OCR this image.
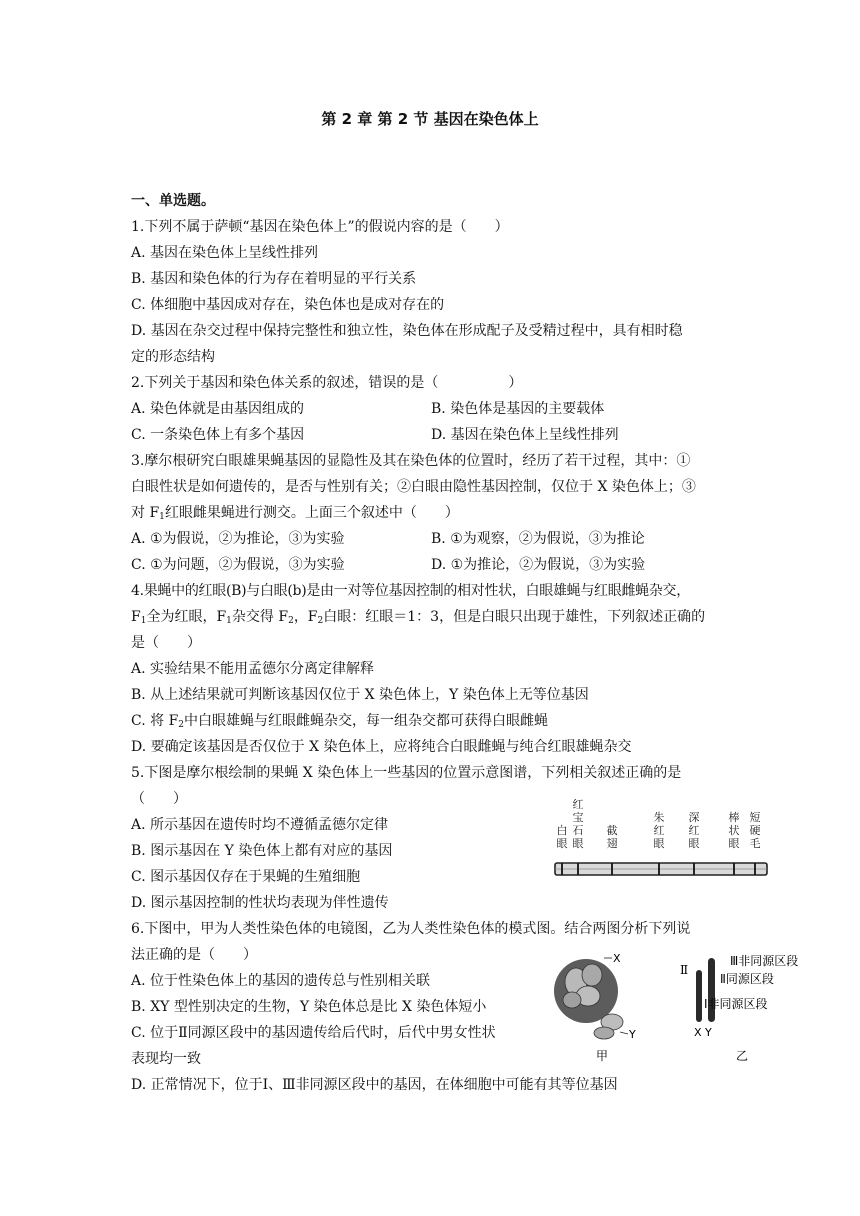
第 2 章 第 2 节 基因在染色体上
一、单选题。
1.下列不属于萨顿“基因在染色体上”的假说内容的是（　　）
A. 基因在染色体上呈线性排列
B. 基因和染色体的行为存在着明显的平行关系
C. 体细胞中基因成对存在，染色体也是成对存在的
D. 基因在杂交过程中保持完整性和独立性，染色体在形成配子及受精过程中，具有相时稳
定的形态结构
2.下列关于基因和染色体关系的叙述，错误的是（　　　　　）
A. 染色体就是由基因组成的	B. 染色体是基因的主要载体
C. 一条染色体上有多个基因	D. 基因在染色体上呈线性排列
3.摩尔根研究白眼雄果蝇基因的显隐性及其在染色体的位置时，经历了若干过程，其中：①
白眼性状是如何遗传的，是否与性别有关；②白眼由隐性基因控制，仅位于 X 染色体上；③
对 $F_1$红眼雌果蝇进行测交。上面三个叙述中（　　）
A. ①为假说，②为推论，③为实验	B. ①为观察，②为假说，③为推论
C. ①为问题，②为假说，③为实验	D. ①为推论，②为假说，③为实验
4.果蝇中的红眼(B)与白眼(b)是由一对等位基因控制的相对性状，白眼雄蝇与红眼雌蝇杂交，
$F_1$全为红眼，$F_1$杂交得 $F_2$，$F_2$白眼：红眼＝1：3，但是白眼只出现于雄性，下列叙述正确的
是（　　）
A. 实验结果不能用孟德尔分离定律解释
B. 从上述结果就可判断该基因仅位于 X 染色体上，Y 染色体上无等位基因
C. 将 $F_2$中白眼雄蝇与红眼雌蝇杂交，每一组杂交都可获得白眼雌蝇
D. 要确定该基因是否仅位于 X 染色体上，应将纯合白眼雌蝇与纯合红眼雄蝇杂交
5.下图是摩尔根绘制的果蝇 X 染色体上一些基因的位置示意图谱，下列相关叙述正确的是
（　　）
A. 所示基因在遗传时均不遵循孟德尔定律
B. 图示基因在 Y 染色体上都有对应的基因
C. 图示基因仅存在于果蝇的生殖细胞
D. 图示基因控制的性状均表现为伴性遗传
6.下图中，甲为人类性染色体的电镜图，乙为人类性染色体的模式图。结合两图分析下列说
法正确的是（　　）
A. 位于性染色体上的基因的遗传总与性别相关联
B. XY 型性别决定的生物，Y 染色体总是比 X 染色体短小
C. 位于Ⅱ同源区段中的基因遗传给后代时，后代中男女性状
表现均一致
D. 正常情况下，位于Ⅰ、Ⅲ非同源区段中的基因，在体细胞中可能有其等位基因
白眼
红宝石眼
截翅
朱红眼
深红眼
棒状眼
短硬毛
X
Y
甲
Ⅱ
X Y
Ⅲ非同源区段
Ⅱ同源区段
Ⅰ非同源区段
乙
